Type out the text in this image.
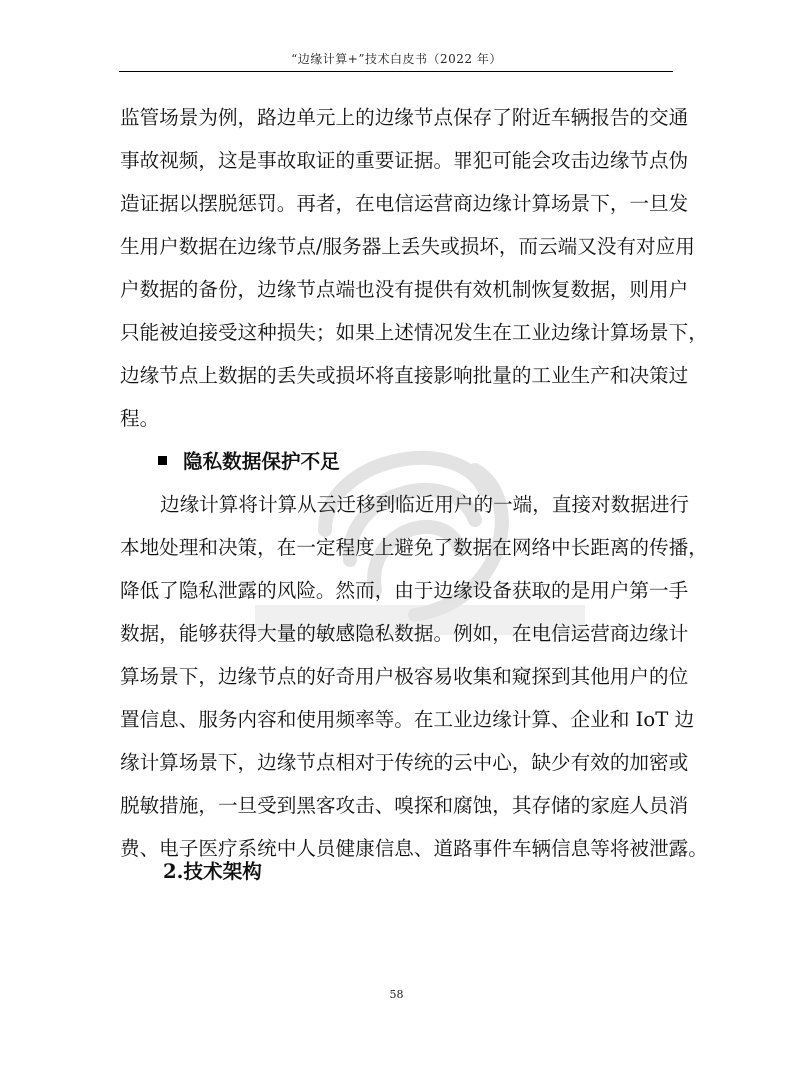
“边缘计算+”技术白皮书（2022 年）
监管场景为例，路边单元上的边缘节点保存了附近车辆报告的交通
事故视频，这是事故取证的重要证据。罪犯可能会攻击边缘节点伪
造证据以摆脱惩罚。再者，在电信运营商边缘计算场景下，一旦发
生用户数据在边缘节点/服务器上丢失或损坏，而云端又没有对应用
户数据的备份，边缘节点端也没有提供有效机制恢复数据，则用户
只能被迫接受这种损失；如果上述情况发生在工业边缘计算场景下，
边缘节点上数据的丢失或损坏将直接影响批量的工业生产和决策过
程。
隐私数据保护不足
边缘计算将计算从云迁移到临近用户的一端，直接对数据进行
本地处理和决策，在一定程度上避免了数据在网络中长距离的传播，
降低了隐私泄露的风险。然而，由于边缘设备获取的是用户第一手
数据，能够获得大量的敏感隐私数据。例如，在电信运营商边缘计
算场景下，边缘节点的好奇用户极容易收集和窥探到其他用户的位
置信息、服务内容和使用频率等。在工业边缘计算、企业和 IoT 边
缘计算场景下，边缘节点相对于传统的云中心，缺少有效的加密或
脱敏措施，一旦受到黑客攻击、嗅探和腐蚀，其存储的家庭人员消
费、电子医疗系统中人员健康信息、道路事件车辆信息等将被泄露。
2.技术架构
58
